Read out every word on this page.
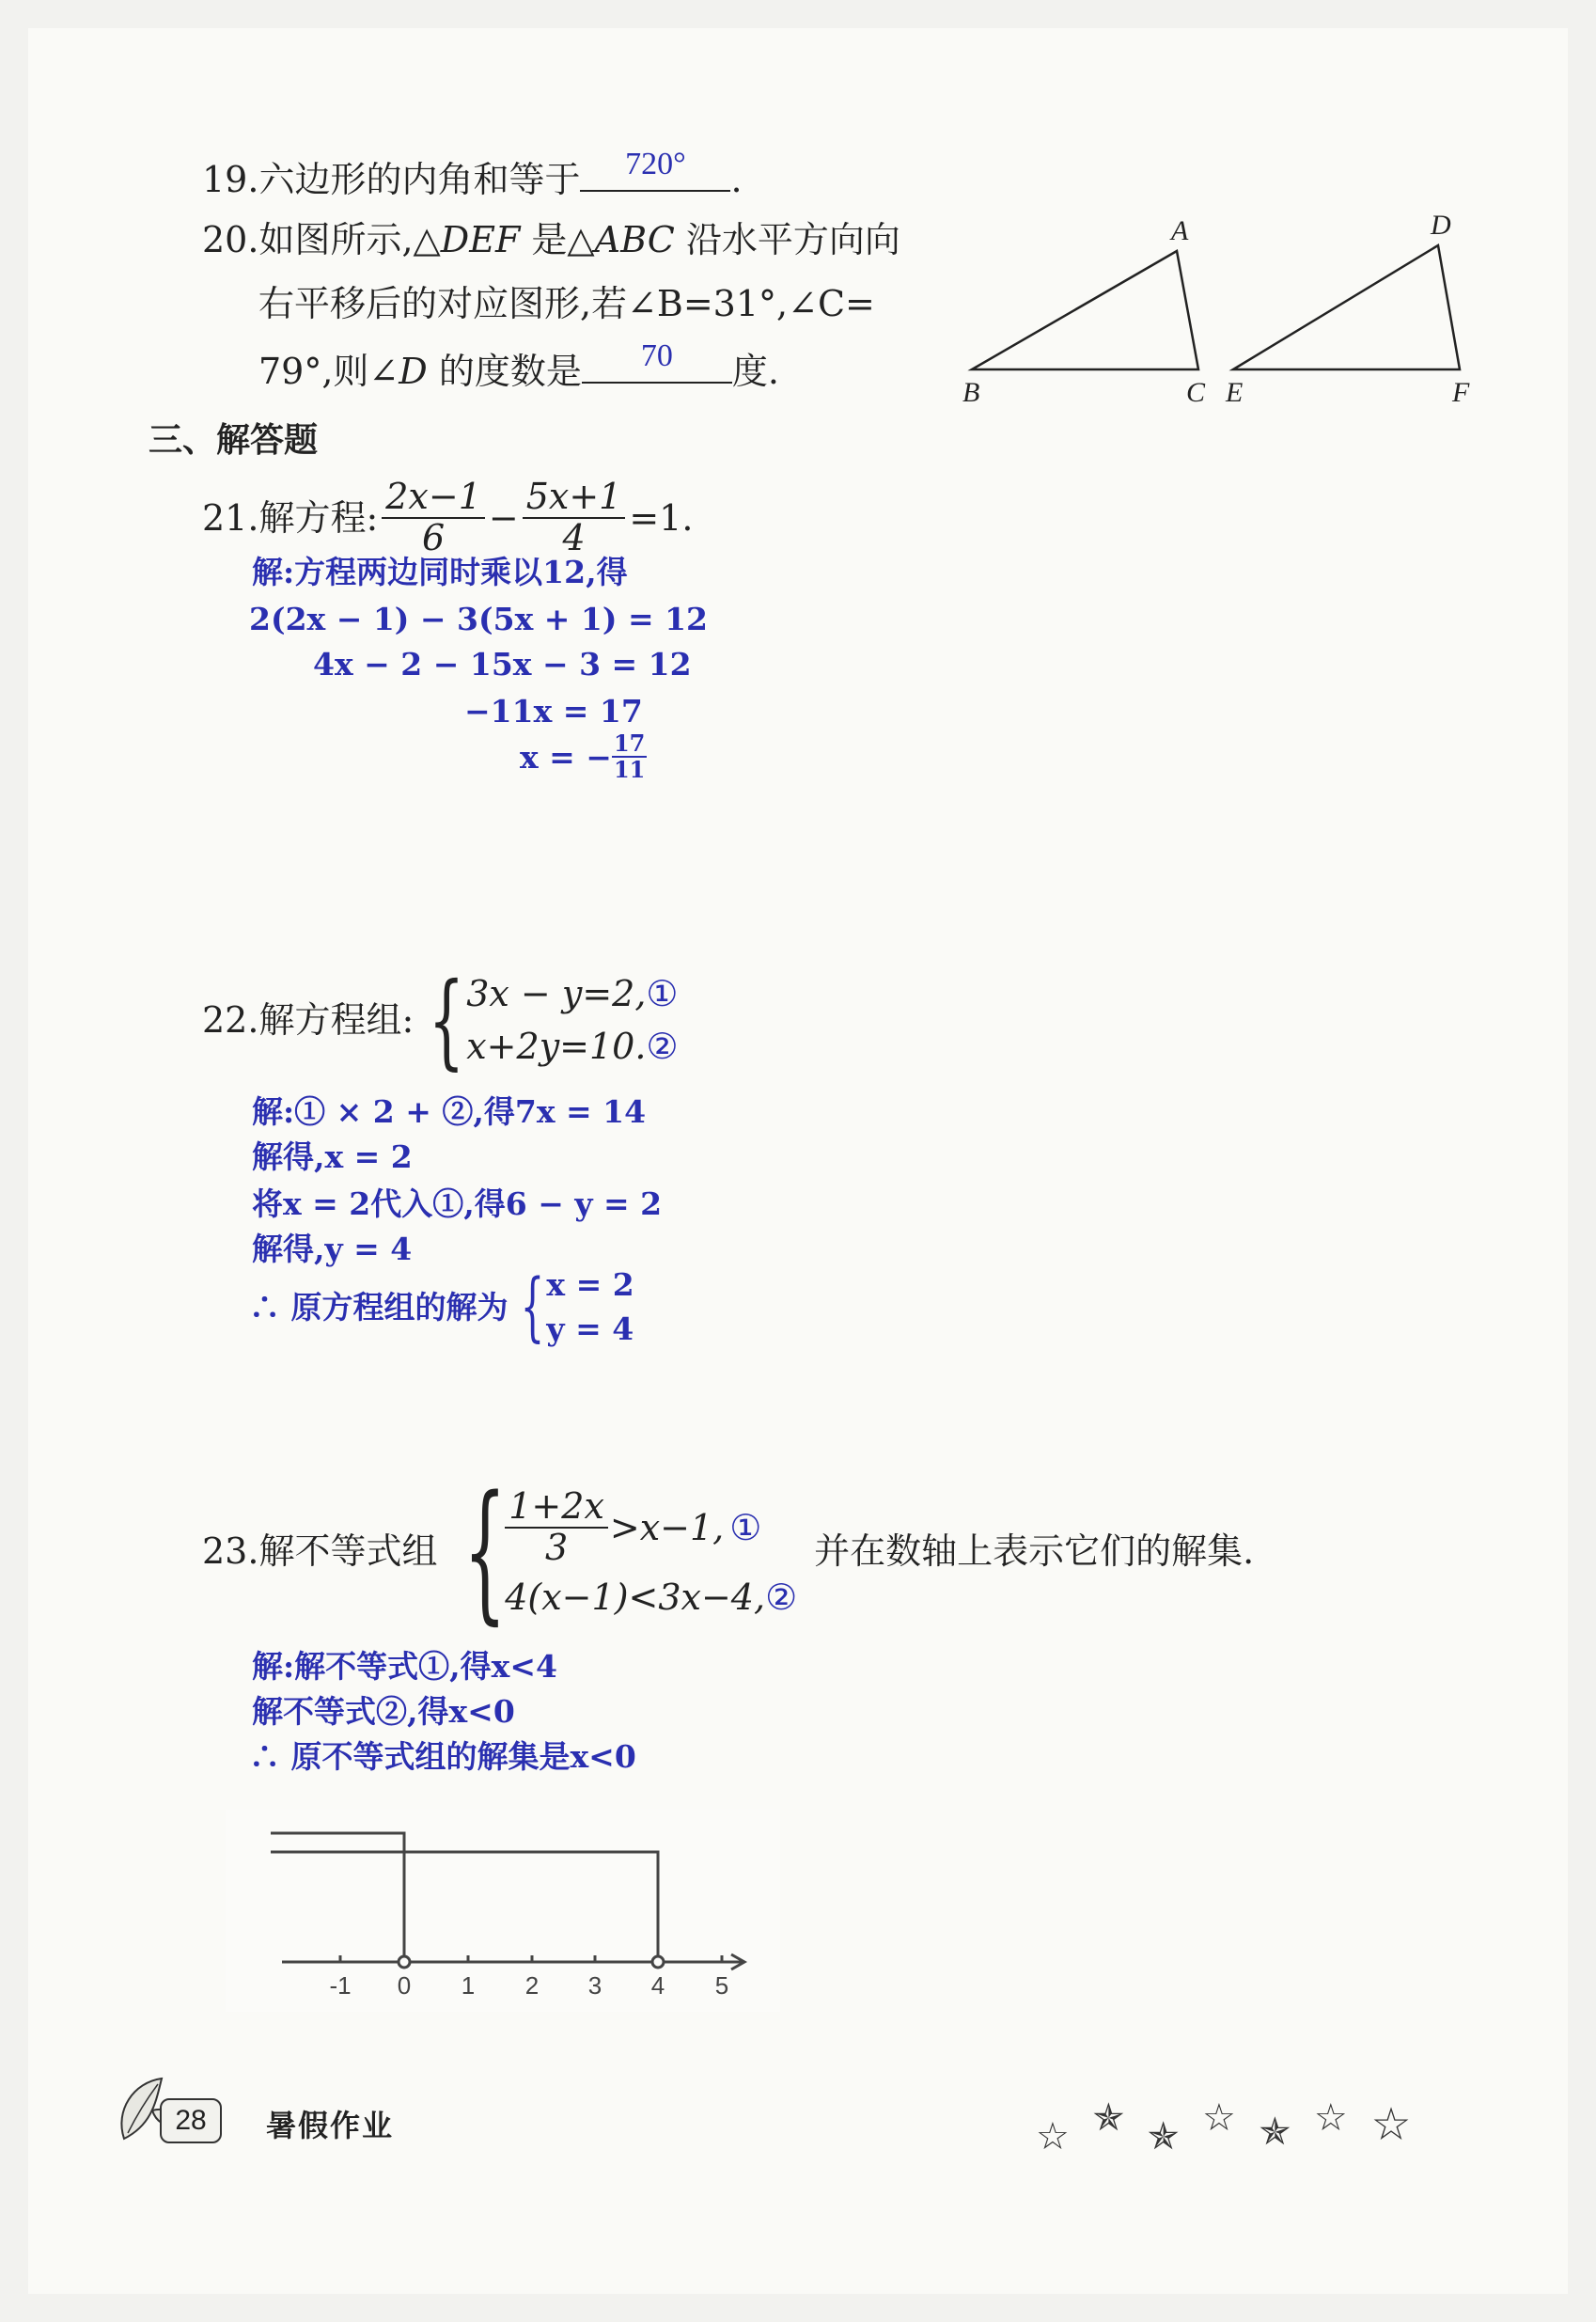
19.六边形的内角和等于	720°	.
20.如图所示,△DEF 是△ABC 沿水平方向向
右平移后的对应图形,若∠B=31°,∠C=
79°,则∠D 的度数是	70	度.
A
B	C
D
E	F
三、解答题
21. 解方程: $\frac{2x-1}{6} - \frac{5x+1}{4} =1$.
解:方程两边同时乘以12,得
2(2x − 1) − 3(5x + 1) = 12
4x − 2 − 15x − 3 = 12
−11x = 17
x = − $\frac{17}{11}$
22. 解方程组: { 3x − y=2,①
x+2y=10.②
解:① × 2 + ②,得7x = 14
解得,x = 2
将x = 2代入①,得6 − y = 2
解得,y = 4
∴ 原方程组的解为 { x = 2
y = 4
23. 解不等式组 {
$\frac{1+2x}{3} >x-1$, ①
4(x−1)<3x−4,②
并在数轴上表示它们的解集.
解:解不等式①,得x<4
解不等式②,得x<0
∴ 原不等式组的解集是x<0
-1 0 1 2 3 4 5
28	暑假作业	☆ ✯ ✯ ☆ ✯ ☆ ☆
